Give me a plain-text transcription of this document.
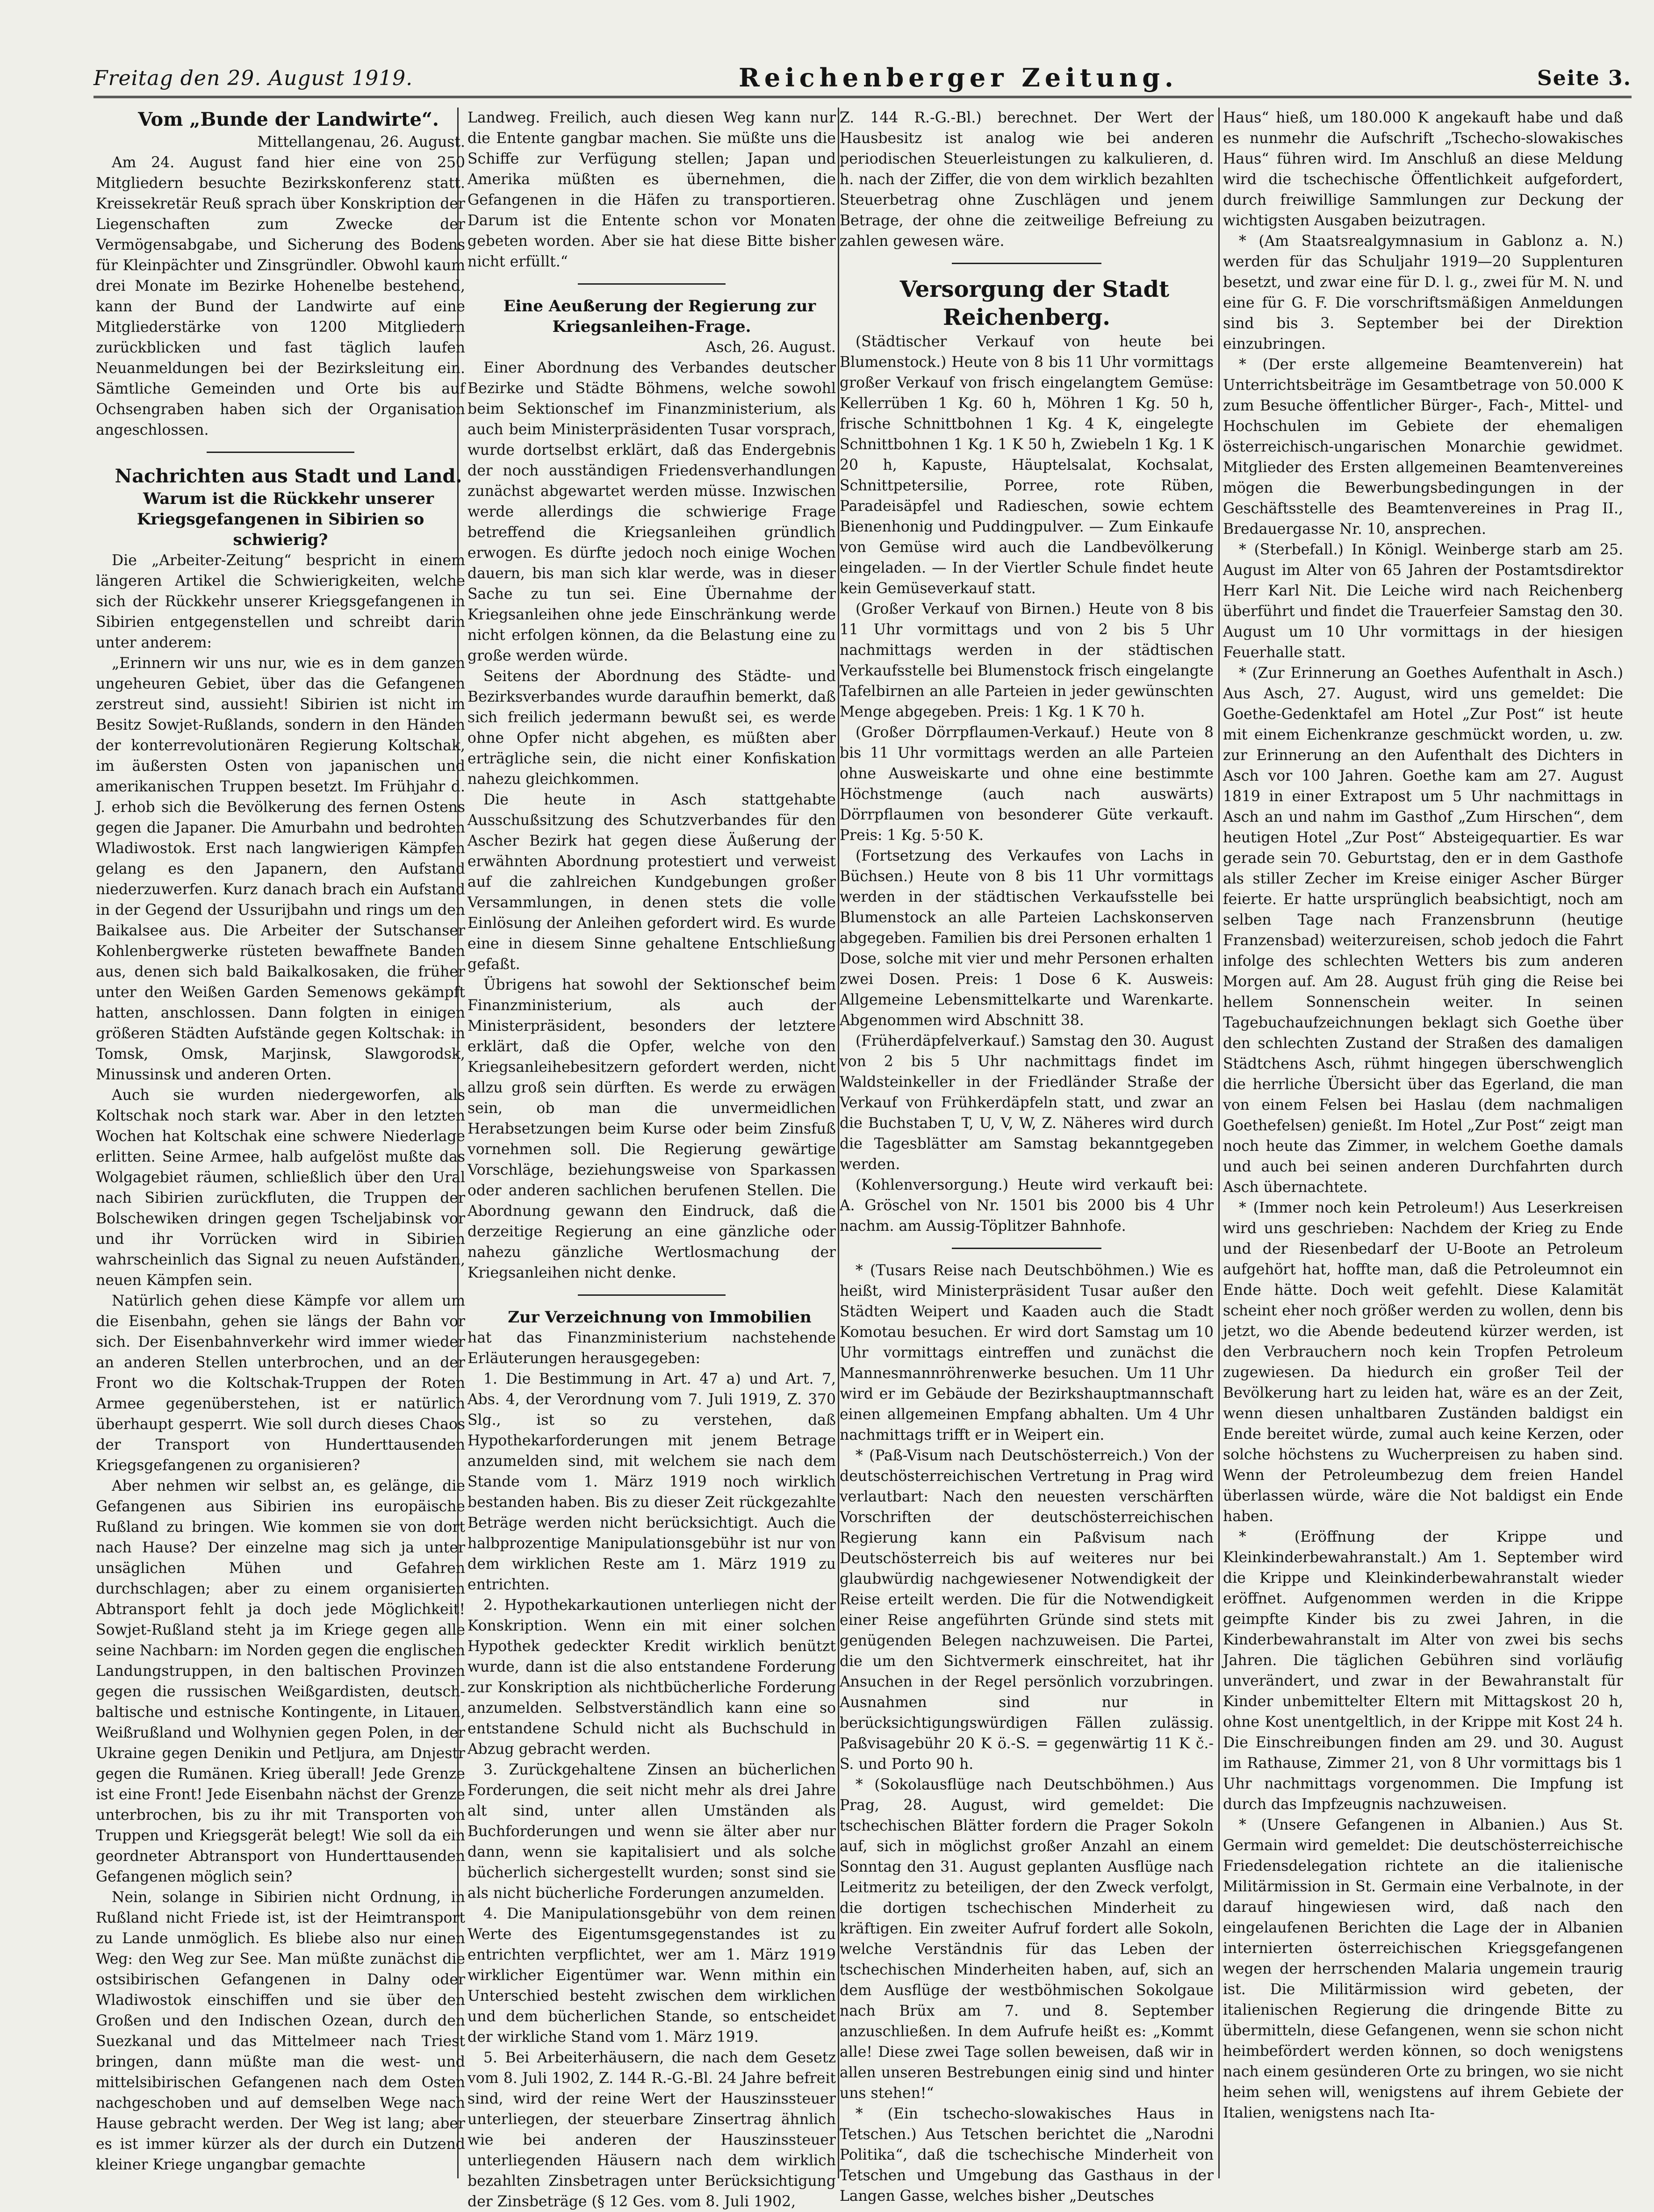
Freitag den 29. August 1919.	Reichenberger Zeitung.	Seite 3.

Vom „Bunde der Landwirte“.

Mittellangenau, 26. August.

Am 24. August fand hier eine von 250 Mitgliedern besuchte Bezirkskonferenz statt. Kreissekretär Reuß sprach über Konskription der Liegenschaften zum Zwecke der Vermögensabgabe, und Sicherung des Bodens für Kleinpächter und Zinsgründler. Obwohl kaum drei Monate im Bezirke Hohenelbe bestehend, kann der Bund der Landwirte auf eine Mitgliederstärke von 1200 Mitgliedern zurückblicken und fast täglich laufen Neuanmeldungen bei der Bezirksleitung ein. Sämtliche Gemeinden und Orte bis auf Ochsengraben haben sich der Organisation angeschlossen.

Nachrichten aus Stadt und Land.

Warum ist die Rückkehr unserer Kriegsgefangenen in Sibirien so schwierig?

Die „Arbeiter-Zeitung“ bespricht in einem längeren Artikel die Schwierigkeiten, welche sich der Rückkehr unserer Kriegsgefangenen in Sibirien entgegenstellen und schreibt darin unter anderem:

„Erinnern wir uns nur, wie es in dem ganzen ungeheuren Gebiet, über das die Gefangenen zerstreut sind, aussieht! Sibirien ist nicht im Besitz Sowjet-Rußlands, sondern in den Händen der konterrevolutionären Regierung Koltschak, im äußersten Osten von japanischen und amerikanischen Truppen besetzt. Im Frühjahr d. J. erhob sich die Bevölkerung des fernen Ostens gegen die Japaner. Die Amurbahn und bedrohten Wladiwostok. Erst nach langwierigen Kämpfen gelang es den Japanern, den Aufstand niederzuwerfen. Kurz danach brach ein Aufstand in der Gegend der Ussurijbahn und rings um den Baikalsee aus. Die Arbeiter der Sutschanser Kohlenbergwerke rüsteten bewaffnete Banden aus, denen sich bald Baikalkosaken, die früher unter den Weißen Garden Semenows gekämpft hatten, anschlossen. Dann folgten in einigen größeren Städten Aufstände gegen Koltschak: in Tomsk, Omsk, Marjinsk, Slawgorodsk, Minussinsk und anderen Orten.

Auch sie wurden niedergeworfen, als Koltschak noch stark war. Aber in den letzten Wochen hat Koltschak eine schwere Niederlage erlitten. Seine Armee, halb aufgelöst mußte das Wolgagebiet räumen, schließlich über den Ural nach Sibirien zurückfluten, die Truppen der Bolschewiken dringen gegen Tscheljabinsk vor und ihr Vorrücken wird in Sibirien wahrscheinlich das Signal zu neuen Aufständen, neuen Kämpfen sein.

Natürlich gehen diese Kämpfe vor allem um die Eisenbahn, gehen sie längs der Bahn vor sich. Der Eisenbahnverkehr wird immer wieder an anderen Stellen unterbrochen, und an der Front wo die Koltschak-Truppen der Roten Armee gegenüberstehen, ist er natürlich überhaupt gesperrt. Wie soll durch dieses Chaos der Transport von Hunderttausenden Kriegsgefangenen zu organisieren?

Aber nehmen wir selbst an, es gelänge, die Gefangenen aus Sibirien ins europäische Rußland zu bringen. Wie kommen sie von dort nach Hause? Der einzelne mag sich ja unter unsäglichen Mühen und Gefahren durchschlagen; aber zu einem organisierten Abtransport fehlt ja doch jede Möglichkeit! Sowjet-Rußland steht ja im Kriege gegen alle seine Nachbarn: im Norden gegen die englischen Landungstruppen, in den baltischen Provinzen gegen die russischen Weißgardisten, deutsch-baltische und estnische Kontingente, in Litauen, Weißrußland und Wolhynien gegen Polen, in der Ukraine gegen Denikin und Petljura, am Dnjestr gegen die Rumänen. Krieg überall! Jede Grenze ist eine Front! Jede Eisenbahn nächst der Grenze unterbrochen, bis zu ihr mit Transporten von Truppen und Kriegsgerät belegt! Wie soll da ein geordneter Abtransport von Hunderttausenden Gefangenen möglich sein?

Nein, solange in Sibirien nicht Ordnung, in Rußland nicht Friede ist, ist der Heimtransport zu Lande unmöglich. Es bliebe also nur einen Weg: den Weg zur See. Man müßte zunächst die ostsibirischen Gefangenen in Dalny oder Wladiwostok einschiffen und sie über den Großen und den Indischen Ozean, durch den Suezkanal und das Mittelmeer nach Triest bringen, dann müßte man die west- und mittelsibirischen Gefangenen nach dem Osten nachgeschoben und auf demselben Wege nach Hause gebracht werden. Der Weg ist lang; aber es ist immer kürzer als der durch ein Dutzend kleiner Kriege ungangbar gemachte

Landweg. Freilich, auch diesen Weg kann nur die Entente gangbar machen. Sie müßte uns die Schiffe zur Verfügung stellen; Japan und Amerika müßten es übernehmen, die Gefangenen in die Häfen zu transportieren. Darum ist die Entente schon vor Monaten gebeten worden. Aber sie hat diese Bitte bisher nicht erfüllt.“

Eine Aeußerung der Regierung zur Kriegsanleihen-Frage.

Asch, 26. August.

Einer Abordnung des Verbandes deutscher Bezirke und Städte Böhmens, welche sowohl beim Sektionschef im Finanzministerium, als auch beim Ministerpräsidenten Tusar vorsprach, wurde dortselbst erklärt, daß das Endergebnis der noch ausständigen Friedensverhandlungen zunächst abgewartet werden müsse. Inzwischen werde allerdings die schwierige Frage betreffend die Kriegsanleihen gründlich erwogen. Es dürfte jedoch noch einige Wochen dauern, bis man sich klar werde, was in dieser Sache zu tun sei. Eine Übernahme der Kriegsanleihen ohne jede Einschränkung werde nicht erfolgen können, da die Belastung eine zu große werden würde.

Seitens der Abordnung des Städte- und Bezirksverbandes wurde daraufhin bemerkt, daß sich freilich jedermann bewußt sei, es werde ohne Opfer nicht abgehen, es müßten aber erträgliche sein, die nicht einer Konfiskation nahezu gleichkommen.

Die heute in Asch stattgehabte Ausschußsitzung des Schutzverbandes für den Ascher Bezirk hat gegen diese Äußerung der erwähnten Abordnung protestiert und verweist auf die zahlreichen Kundgebungen großer Versammlungen, in denen stets die volle Einlösung der Anleihen gefordert wird. Es wurde eine in diesem Sinne gehaltene Entschließung gefaßt.

Übrigens hat sowohl der Sektionschef beim Finanzministerium, als auch der Ministerpräsident, besonders der letztere erklärt, daß die Opfer, welche von den Kriegsanleihebesitzern gefordert werden, nicht allzu groß sein dürften. Es werde zu erwägen sein, ob man die unvermeidlichen Herabsetzungen beim Kurse oder beim Zinsfuß vornehmen soll. Die Regierung gewärtige Vorschläge, beziehungsweise von Sparkassen oder anderen sachlichen berufenen Stellen. Die Abordnung gewann den Eindruck, daß die derzeitige Regierung an eine gänzliche oder nahezu gänzliche Wertlosmachung der Kriegsanleihen nicht denke.

Zur Verzeichnung von Immobilien

hat das Finanzministerium nachstehende Erläuterungen herausgegeben:

1. Die Bestimmung in Art. 47 a) und Art. 7, Abs. 4, der Verordnung vom 7. Juli 1919, Z. 370 Slg., ist so zu verstehen, daß Hypothekarforderungen mit jenem Betrage anzumelden sind, mit welchem sie nach dem Stande vom 1. März 1919 noch wirklich bestanden haben. Bis zu dieser Zeit rückgezahlte Beträge werden nicht berücksichtigt. Auch die halbprozentige Manipulationsgebühr ist nur von dem wirklichen Reste am 1. März 1919 zu entrichten.

2. Hypothekarkautionen unterliegen nicht der Konskription. Wenn ein mit einer solchen Hypothek gedeckter Kredit wirklich benützt wurde, dann ist die also entstandene Forderung zur Konskription als nichtbücherliche Forderung anzumelden. Selbstverständlich kann eine so entstandene Schuld nicht als Buchschuld in Abzug gebracht werden.

3. Zurückgehaltene Zinsen an bücherlichen Forderungen, die seit nicht mehr als drei Jahre alt sind, unter allen Umständen als Buchforderungen und wenn sie älter aber nur dann, wenn sie kapitalisiert und als solche bücherlich sichergestellt wurden; sonst sind sie als nicht bücherliche Forderungen anzumelden.

4. Die Manipulationsgebühr von dem reinen Werte des Eigentumsgegenstandes ist zu entrichten verpflichtet, wer am 1. März 1919 wirklicher Eigentümer war. Wenn mithin ein Unterschied besteht zwischen dem wirklichen und dem bücherlichen Stande, so entscheidet der wirkliche Stand vom 1. März 1919.

5. Bei Arbeiterhäusern, die nach dem Gesetz vom 8. Juli 1902, Z. 144 R.-G.-Bl. 24 Jahre befreit sind, wird der reine Wert der Hauszinssteuer unterliegen, der steuerbare Zinsertrag ähnlich wie bei anderen der Hauszinssteuer unterliegenden Häusern nach dem wirklich bezahlten Zinsbetragen unter Berücksichtigung der Zinsbeträge (§ 12 Ges. vom 8. Juli 1902,

Z. 144 R.-G.-Bl.) berechnet. Der Wert der Hausbesitz ist analog wie bei anderen periodischen Steuerleistungen zu kalkulieren, d. h. nach der Ziffer, die von dem wirklich bezahlten Steuerbetrag ohne Zuschlägen und jenem Betrage, der ohne die zeitweilige Befreiung zu zahlen gewesen wäre.

Versorgung der Stadt Reichenberg.

(Städtischer Verkauf von heute bei Blumenstock.) Heute von 8 bis 11 Uhr vormittags großer Verkauf von frisch eingelangtem Gemüse: Kellerrüben 1 Kg. 60 h, Möhren 1 Kg. 50 h, frische Schnittbohnen 1 Kg. 4 K, eingelegte Schnittbohnen 1 Kg. 1 K 50 h, Zwiebeln 1 Kg. 1 K 20 h, Kapuste, Häuptelsalat, Kochsalat, Schnittpetersilie, Porree, rote Rüben, Paradeisäpfel und Radieschen, sowie echtem Bienenhonig und Puddingpulver. — Zum Einkaufe von Gemüse wird auch die Landbevölkerung eingeladen. — In der Viertler Schule findet heute kein Gemüseverkauf statt.

(Großer Verkauf von Birnen.) Heute von 8 bis 11 Uhr vormittags und von 2 bis 5 Uhr nachmittags werden in der städtischen Verkaufsstelle bei Blumenstock frisch eingelangte Tafelbirnen an alle Parteien in jeder gewünschten Menge abgegeben. Preis: 1 Kg. 1 K 70 h.

(Großer Dörrpflaumen-Verkauf.) Heute von 8 bis 11 Uhr vormittags werden an alle Parteien ohne Ausweiskarte und ohne eine bestimmte Höchstmenge (auch nach auswärts) Dörrpflaumen von besonderer Güte verkauft. Preis: 1 Kg. 5·50 K.

(Fortsetzung des Verkaufes von Lachs in Büchsen.) Heute von 8 bis 11 Uhr vormittags werden in der städtischen Verkaufsstelle bei Blumenstock an alle Parteien Lachskonserven abgegeben. Familien bis drei Personen erhalten 1 Dose, solche mit vier und mehr Personen erhalten zwei Dosen. Preis: 1 Dose 6 K. Ausweis: Allgemeine Lebensmittelkarte und Warenkarte. Abgenommen wird Abschnitt 38.

(Früherdäpfelverkauf.) Samstag den 30. August von 2 bis 5 Uhr nachmittags findet im Waldsteinkeller in der Friedländer Straße der Verkauf von Frühkerdäpfeln statt, und zwar an die Buchstaben T, U, V, W, Z. Näheres wird durch die Tagesblätter am Samstag bekanntgegeben werden.

(Kohlenversorgung.) Heute wird verkauft bei: A. Gröschel von Nr. 1501 bis 2000 bis 4 Uhr nachm. am Aussig-Töplitzer Bahnhofe.

* (Tusars Reise nach Deutschböhmen.) Wie es heißt, wird Ministerpräsident Tusar außer den Städten Weipert und Kaaden auch die Stadt Komotau besuchen. Er wird dort Samstag um 10 Uhr vormittags eintreffen und zunächst die Mannesmannröhrenwerke besuchen. Um 11 Uhr wird er im Gebäude der Bezirkshauptmannschaft einen allgemeinen Empfang abhalten. Um 4 Uhr nachmittags trifft er in Weipert ein.

* (Paß-Visum nach Deutschösterreich.) Von der deutschösterreichischen Vertretung in Prag wird verlautbart: Nach den neuesten verschärften Vorschriften der deutschösterreichischen Regierung kann ein Paßvisum nach Deutschösterreich bis auf weiteres nur bei glaubwürdig nachgewiesener Notwendigkeit der Reise erteilt werden. Die für die Notwendigkeit einer Reise angeführten Gründe sind stets mit genügenden Belegen nachzuweisen. Die Partei, die um den Sichtvermerk einschreitet, hat ihr Ansuchen in der Regel persönlich vorzubringen. Ausnahmen sind nur in berücksichtigungswürdigen Fällen zulässig. Paßvisagebühr 20 K ö.-S. = gegenwärtig 11 K č.-S. und Porto 90 h.

* (Sokolausflüge nach Deutschböhmen.) Aus Prag, 28. August, wird gemeldet: Die tschechischen Blätter fordern die Prager Sokoln auf, sich in möglichst großer Anzahl an einem Sonntag den 31. August geplanten Ausflüge nach Leitmeritz zu beteiligen, der den Zweck verfolgt, die dortigen tschechischen Minderheit zu kräftigen. Ein zweiter Aufruf fordert alle Sokoln, welche Verständnis für das Leben der tschechischen Minderheiten haben, auf, sich an dem Ausflüge der westböhmischen Sokolgaue nach Brüx am 7. und 8. September anzuschließen. In dem Aufrufe heißt es: „Kommt alle! Diese zwei Tage sollen beweisen, daß wir in allen unseren Bestrebungen einig sind und hinter uns stehen!“

* (Ein tschecho-slowakisches Haus in Tetschen.) Aus Tetschen berichtet die „Narodni Politika“, daß die tschechische Minderheit von Tetschen und Umgebung das Gasthaus in der Langen Gasse, welches bisher „Deutsches

Haus“ hieß, um 180.000 K angekauft habe und daß es nunmehr die Aufschrift „Tschecho-slowakisches Haus“ führen wird. Im Anschluß an diese Meldung wird die tschechische Öffentlichkeit aufgefordert, durch freiwillige Sammlungen zur Deckung der wichtigsten Ausgaben beizutragen.

* (Am Staatsrealgymnasium in Gablonz a. N.) werden für das Schuljahr 1919—20 Supplenturen besetzt, und zwar eine für D. l. g., zwei für M. N. und eine für G. F. Die vorschriftsmäßigen Anmeldungen sind bis 3. September bei der Direktion einzubringen.

* (Der erste allgemeine Beamtenverein) hat Unterrichtsbeiträge im Gesamtbetrage von 50.000 K zum Besuche öffentlicher Bürger-, Fach-, Mittel- und Hochschulen im Gebiete der ehemaligen österreichisch-ungarischen Monarchie gewidmet. Mitglieder des Ersten allgemeinen Beamtenvereines mögen die Bewerbungsbedingungen in der Geschäftsstelle des Beamtenvereines in Prag II., Bredauergasse Nr. 10, ansprechen.

* (Sterbefall.) In Königl. Weinberge starb am 25. August im Alter von 65 Jahren der Postamtsdirektor Herr Karl Nit. Die Leiche wird nach Reichenberg überführt und findet die Trauerfeier Samstag den 30. August um 10 Uhr vormittags in der hiesigen Feuerhalle statt.

* (Zur Erinnerung an Goethes Aufenthalt in Asch.) Aus Asch, 27. August, wird uns gemeldet: Die Goethe-Gedenktafel am Hotel „Zur Post“ ist heute mit einem Eichenkranze geschmückt worden, u. zw. zur Erinnerung an den Aufenthalt des Dichters in Asch vor 100 Jahren. Goethe kam am 27. August 1819 in einer Extrapost um 5 Uhr nachmittags in Asch an und nahm im Gasthof „Zum Hirschen“, dem heutigen Hotel „Zur Post“ Absteigequartier. Es war gerade sein 70. Geburtstag, den er in dem Gasthofe als stiller Zecher im Kreise einiger Ascher Bürger feierte. Er hatte ursprünglich beabsichtigt, noch am selben Tage nach Franzensbrunn (heutige Franzensbad) weiterzureisen, schob jedoch die Fahrt infolge des schlechten Wetters bis zum anderen Morgen auf. Am 28. August früh ging die Reise bei hellem Sonnenschein weiter. In seinen Tagebuchaufzeichnungen beklagt sich Goethe über den schlechten Zustand der Straßen des damaligen Städtchens Asch, rühmt hingegen überschwenglich die herrliche Übersicht über das Egerland, die man von einem Felsen bei Haslau (dem nachmaligen Goethefelsen) genießt. Im Hotel „Zur Post“ zeigt man noch heute das Zimmer, in welchem Goethe damals und auch bei seinen anderen Durchfahrten durch Asch übernachtete.

* (Immer noch kein Petroleum!) Aus Leserkreisen wird uns geschrieben: Nachdem der Krieg zu Ende und der Riesenbedarf der U-Boote an Petroleum aufgehört hat, hoffte man, daß die Petroleumnot ein Ende hätte. Doch weit gefehlt. Diese Kalamität scheint eher noch größer werden zu wollen, denn bis jetzt, wo die Abende bedeutend kürzer werden, ist den Verbrauchern noch kein Tropfen Petroleum zugewiesen. Da hiedurch ein großer Teil der Bevölkerung hart zu leiden hat, wäre es an der Zeit, wenn diesen unhaltbaren Zuständen baldigst ein Ende bereitet würde, zumal auch keine Kerzen, oder solche höchstens zu Wucherpreisen zu haben sind. Wenn der Petroleumbezug dem freien Handel überlassen würde, wäre die Not baldigst ein Ende haben.

* (Eröffnung der Krippe und Kleinkinderbewahranstalt.) Am 1. September wird die Krippe und Kleinkinderbewahranstalt wieder eröffnet. Aufgenommen werden in die Krippe geimpfte Kinder bis zu zwei Jahren, in die Kinderbewahranstalt im Alter von zwei bis sechs Jahren. Die täglichen Gebühren sind vorläufig unverändert, und zwar in der Bewahranstalt für Kinder unbemittelter Eltern mit Mittagskost 20 h, ohne Kost unentgeltlich, in der Krippe mit Kost 24 h. Die Einschreibungen finden am 29. und 30. August im Rathause, Zimmer 21, von 8 Uhr vormittags bis 1 Uhr nachmittags vorgenommen. Die Impfung ist durch das Impfzeugnis nachzuweisen.

* (Unsere Gefangenen in Albanien.) Aus St. Germain wird gemeldet: Die deutschösterreichische Friedensdelegation richtete an die italienische Militärmission in St. Germain eine Verbalnote, in der darauf hingewiesen wird, daß nach den eingelaufenen Berichten die Lage der in Albanien internierten österreichischen Kriegsgefangenen wegen der herrschenden Malaria ungemein traurig ist. Die Militärmission wird gebeten, der italienischen Regierung die dringende Bitte zu übermitteln, diese Gefangenen, wenn sie schon nicht heimbefördert werden können, so doch wenigstens nach einem gesünderen Orte zu bringen, wo sie nicht heim sehen will, wenigstens auf ihrem Gebiete der Italien, wenigstens nach Ita-
